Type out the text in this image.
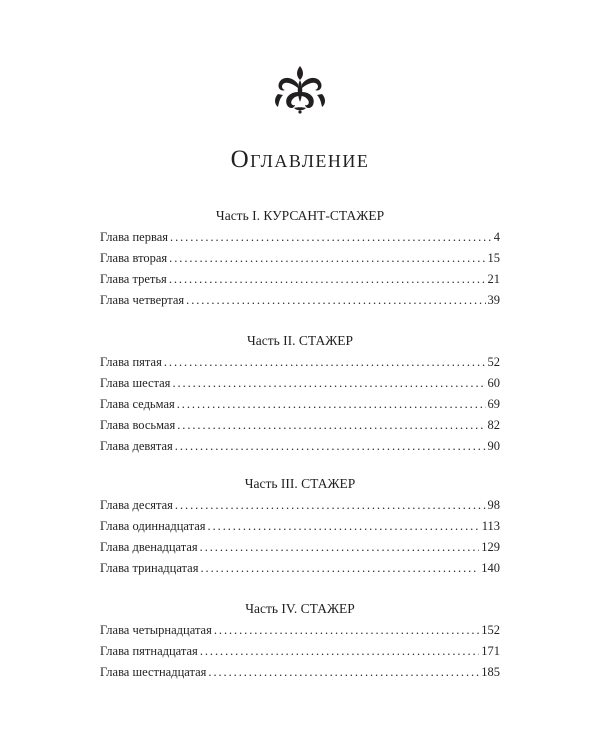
Оглавление
Часть I. КУРСАНТ-СТАЖЕР
Глава первая . . .	4
Глава вторая . . .	15
Глава третья . . .	21
Глава четвертая . . .	39
Часть II. СТАЖЕР
Глава пятая . . .	52
Глава шестая . . .	60
Глава седьмая . . .	69
Глава восьмая . . .	82
Глава девятая . . .	90
Часть III. СТАЖЕР
Глава десятая . . .	98
Глава одиннадцатая . . .	113
Глава двенадцатая . . .	129
Глава тринадцатая . . .	140
Часть IV. СТАЖЕР
Глава четырнадцатая . . .	152
Глава пятнадцатая . . .	171
Глава шестнадцатая . . .	185
